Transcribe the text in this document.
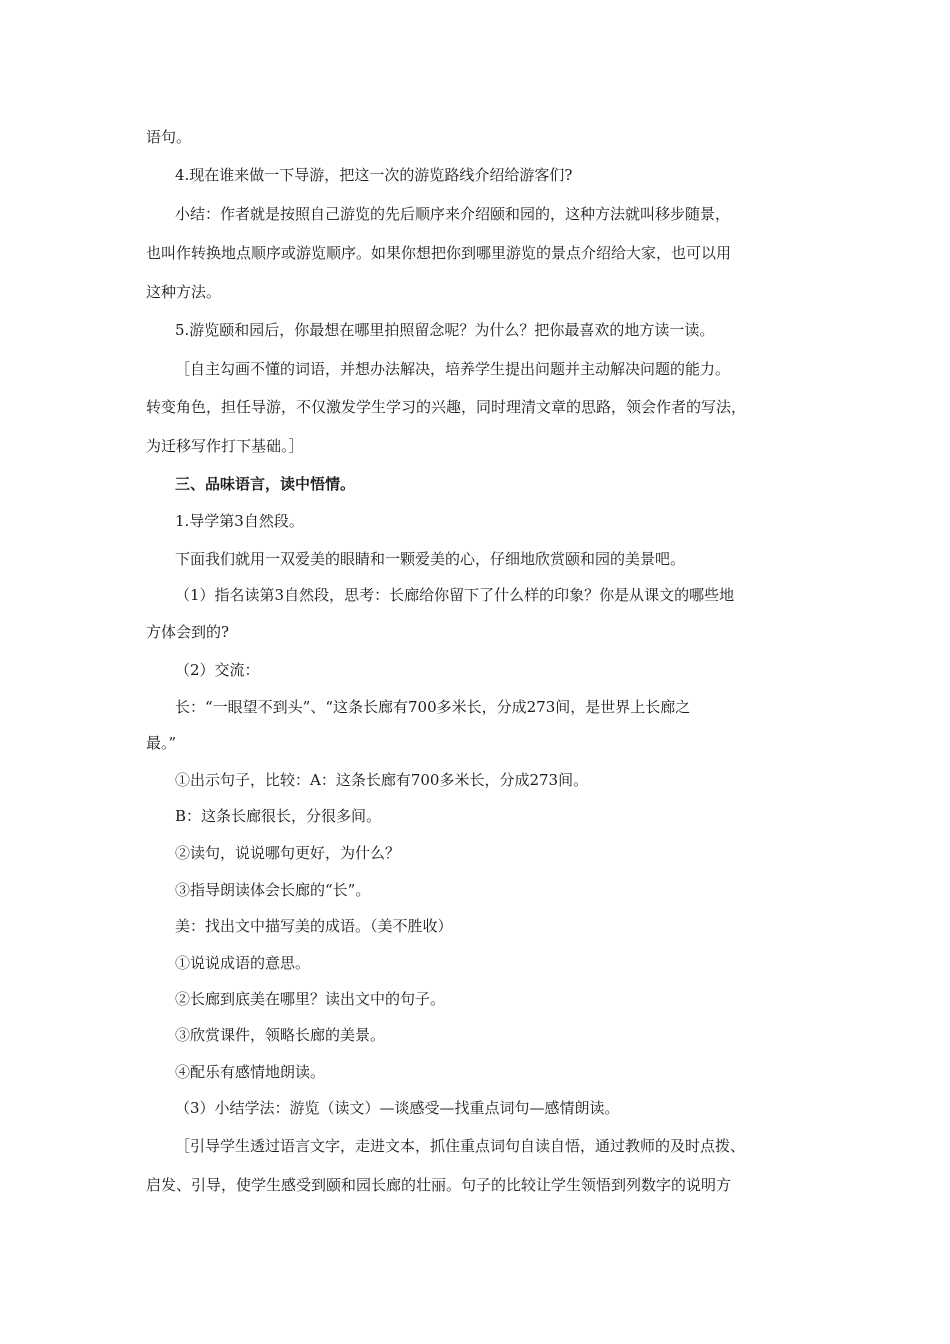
语句。
4.现在谁来做一下导游，把这一次的游览路线介绍给游客们?
小结：作者就是按照自己游览的先后顺序来介绍颐和园的，这种方法就叫移步随景，
也叫作转换地点顺序或游览顺序。如果你想把你到哪里游览的景点介绍给大家，也可以用
这种方法。
5.游览颐和园后，你最想在哪里拍照留念呢？为什么？把你最喜欢的地方读一读。
［自主勾画不懂的词语，并想办法解决，培养学生提出问题并主动解决问题的能力。
转变角色，担任导游，不仅激发学生学习的兴趣，同时理清文章的思路，领会作者的写法，
为迁移写作打下基础。］
三、品味语言，读中悟情。
1.导学第3自然段。
下面我们就用一双爱美的眼睛和一颗爱美的心，仔细地欣赏颐和园的美景吧。
（1）指名读第3自然段，思考：长廊给你留下了什么样的印象？你是从课文的哪些地
方体会到的?
（2）交流：
长：“一眼望不到头”、“这条长廊有700多米长，分成273间，是世界上长廊之
最。”
①出示句子，比较：A：这条长廊有700多米长，分成273间。
B：这条长廊很长，分很多间。
②读句，说说哪句更好，为什么？
③指导朗读体会长廊的“长”。
美：找出文中描写美的成语。（美不胜收）
①说说成语的意思。
②长廊到底美在哪里？读出文中的句子。
③欣赏课件，领略长廊的美景。
④配乐有感情地朗读。
（3）小结学法：游览（读文）—谈感受—找重点词句—感情朗读。
［引导学生透过语言文字，走进文本，抓住重点词句自读自悟，通过教师的及时点拨、
启发、引导，使学生感受到颐和园长廊的壮丽。句子的比较让学生领悟到列数字的说明方
